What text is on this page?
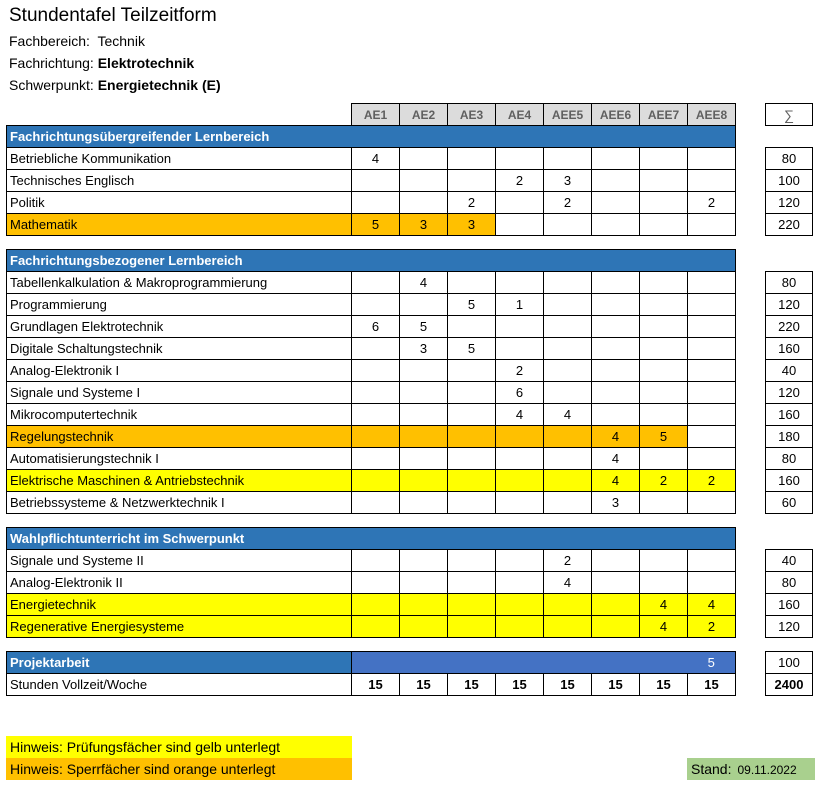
Stundentafel Teilzeitform
Fachbereich: Technik
Fachrichtung: Elektrotechnik
Schwerpunkt: Energietechnik (E)
	AE1	AE2	AE3	AE4	AEE5	AEE6	AEE7	AEE8		∑
Fachrichtungsübergreifender Lernbereich										
Betriebliche Kommunikation	4									80
Technisches Englisch				2	3					100
Politik			2		2			2		120
Mathematik	5	3	3							220

Fachrichtungsbezogener Lernbereich										
Tabellenkalkulation & Makroprogrammierung		4								80
Programmierung			5	1						120
Grundlagen Elektrotechnik	6	5								220
Digitale Schaltungstechnik		3	5							160
Analog-Elektronik I				2						40
Signale und Systeme I				6						120
Mikrocomputertechnik				4	4					160
Regelungstechnik						4	5			180
Automatisierungstechnik I						4				80
Elektrische Maschinen & Antriebstechnik						4	2	2		160
Betriebssysteme & Netzwerktechnik I						3				60

Wahlpflichtunterricht im Schwerpunkt										
Signale und Systeme II					2					40
Analog-Elektronik II					4					80
Energietechnik							4	4		160
Regenerative Energiesysteme							4	2		120

Projektarbeit								5		100
Stunden Vollzeit/Woche	15	15	15	15	15	15	15	15		2400
Hinweis: Prüfungsfächer sind gelb unterlegt
Hinweis: Sperrfächer sind orange unterlegt	Stand: 09.11.2022
